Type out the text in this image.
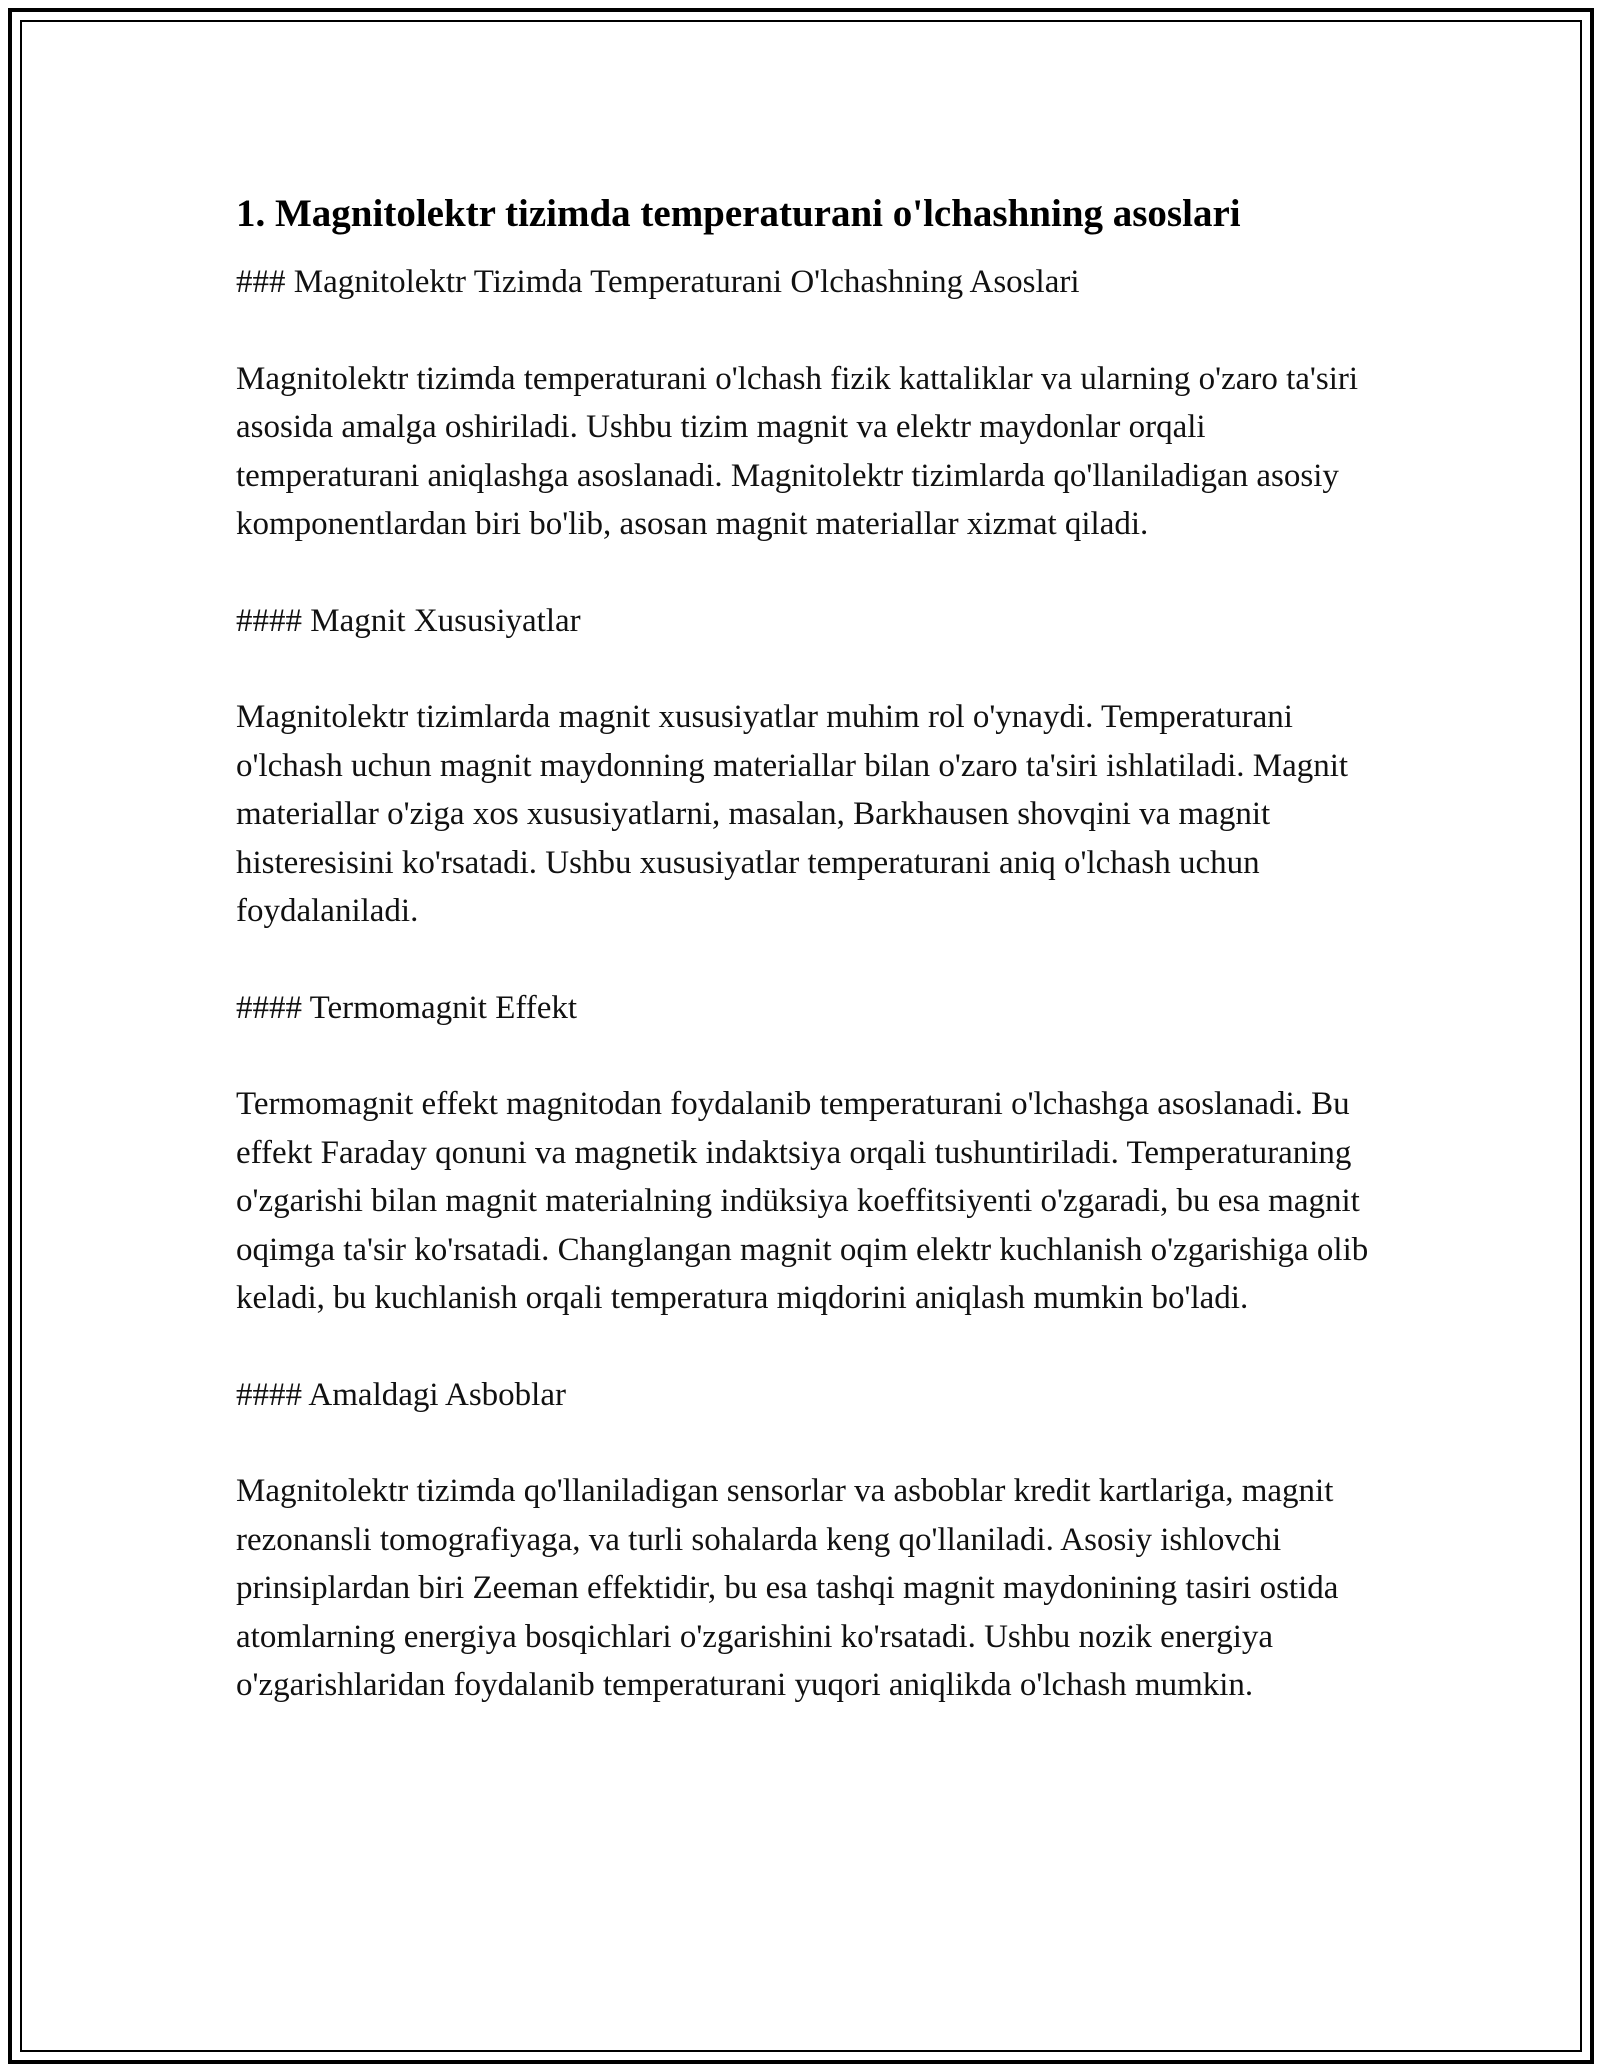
1. Magnitolektr tizimda temperaturani o'lchashning asoslari

### Magnitolektr Tizimda Temperaturani O'lchashning Asoslari

Magnitolektr tizimda temperaturani o'lchash fizik kattaliklar va ularning o'zaro ta'siri asosida amalga oshiriladi. Ushbu tizim magnit va elektr maydonlar orqali temperaturani aniqlashga asoslanadi. Magnitolektr tizimlarda qo'llaniladigan asosiy komponentlardan biri bo'lib, asosan magnit materiallar xizmat qiladi.

#### Magnit Xususiyatlar

Magnitolektr tizimlarda magnit xususiyatlar muhim rol o'ynaydi. Temperaturani o'lchash uchun magnit maydonning materiallar bilan o'zaro ta'siri ishlatiladi. Magnit materiallar o'ziga xos xususiyatlarni, masalan, Barkhausen shovqini va magnit histeresisini ko'rsatadi. Ushbu xususiyatlar temperaturani aniq o'lchash uchun foydalaniladi.

#### Termomagnit Effekt

Termomagnit effekt magnitodan foydalanib temperaturani o'lchashga asoslanadi. Bu effekt Faraday qonuni va magnetik indaktsiya orqali tushuntiriladi. Temperaturaning o'zgarishi bilan magnit materialning indüksiya koeffitsiyenti o'zgaradi, bu esa magnit oqimga ta'sir ko'rsatadi. Changlangan magnit oqim elektr kuchlanish o'zgarishiga olib keladi, bu kuchlanish orqali temperatura miqdorini aniqlash mumkin bo'ladi.

#### Amaldagi Asboblar

Magnitolektr tizimda qo'llaniladigan sensorlar va asboblar kredit kartlariga, magnit rezonansli tomografiyaga, va turli sohalarda keng qo'llaniladi. Asosiy ishlovchi prinsiplardan biri Zeeman effektidir, bu esa tashqi magnit maydonining tasiri ostida atomlarning energiya bosqichlari o'zgarishini ko'rsatadi. Ushbu nozik energiya o'zgarishlaridan foydalanib temperaturani yuqori aniqlikda o'lchash mumkin.
